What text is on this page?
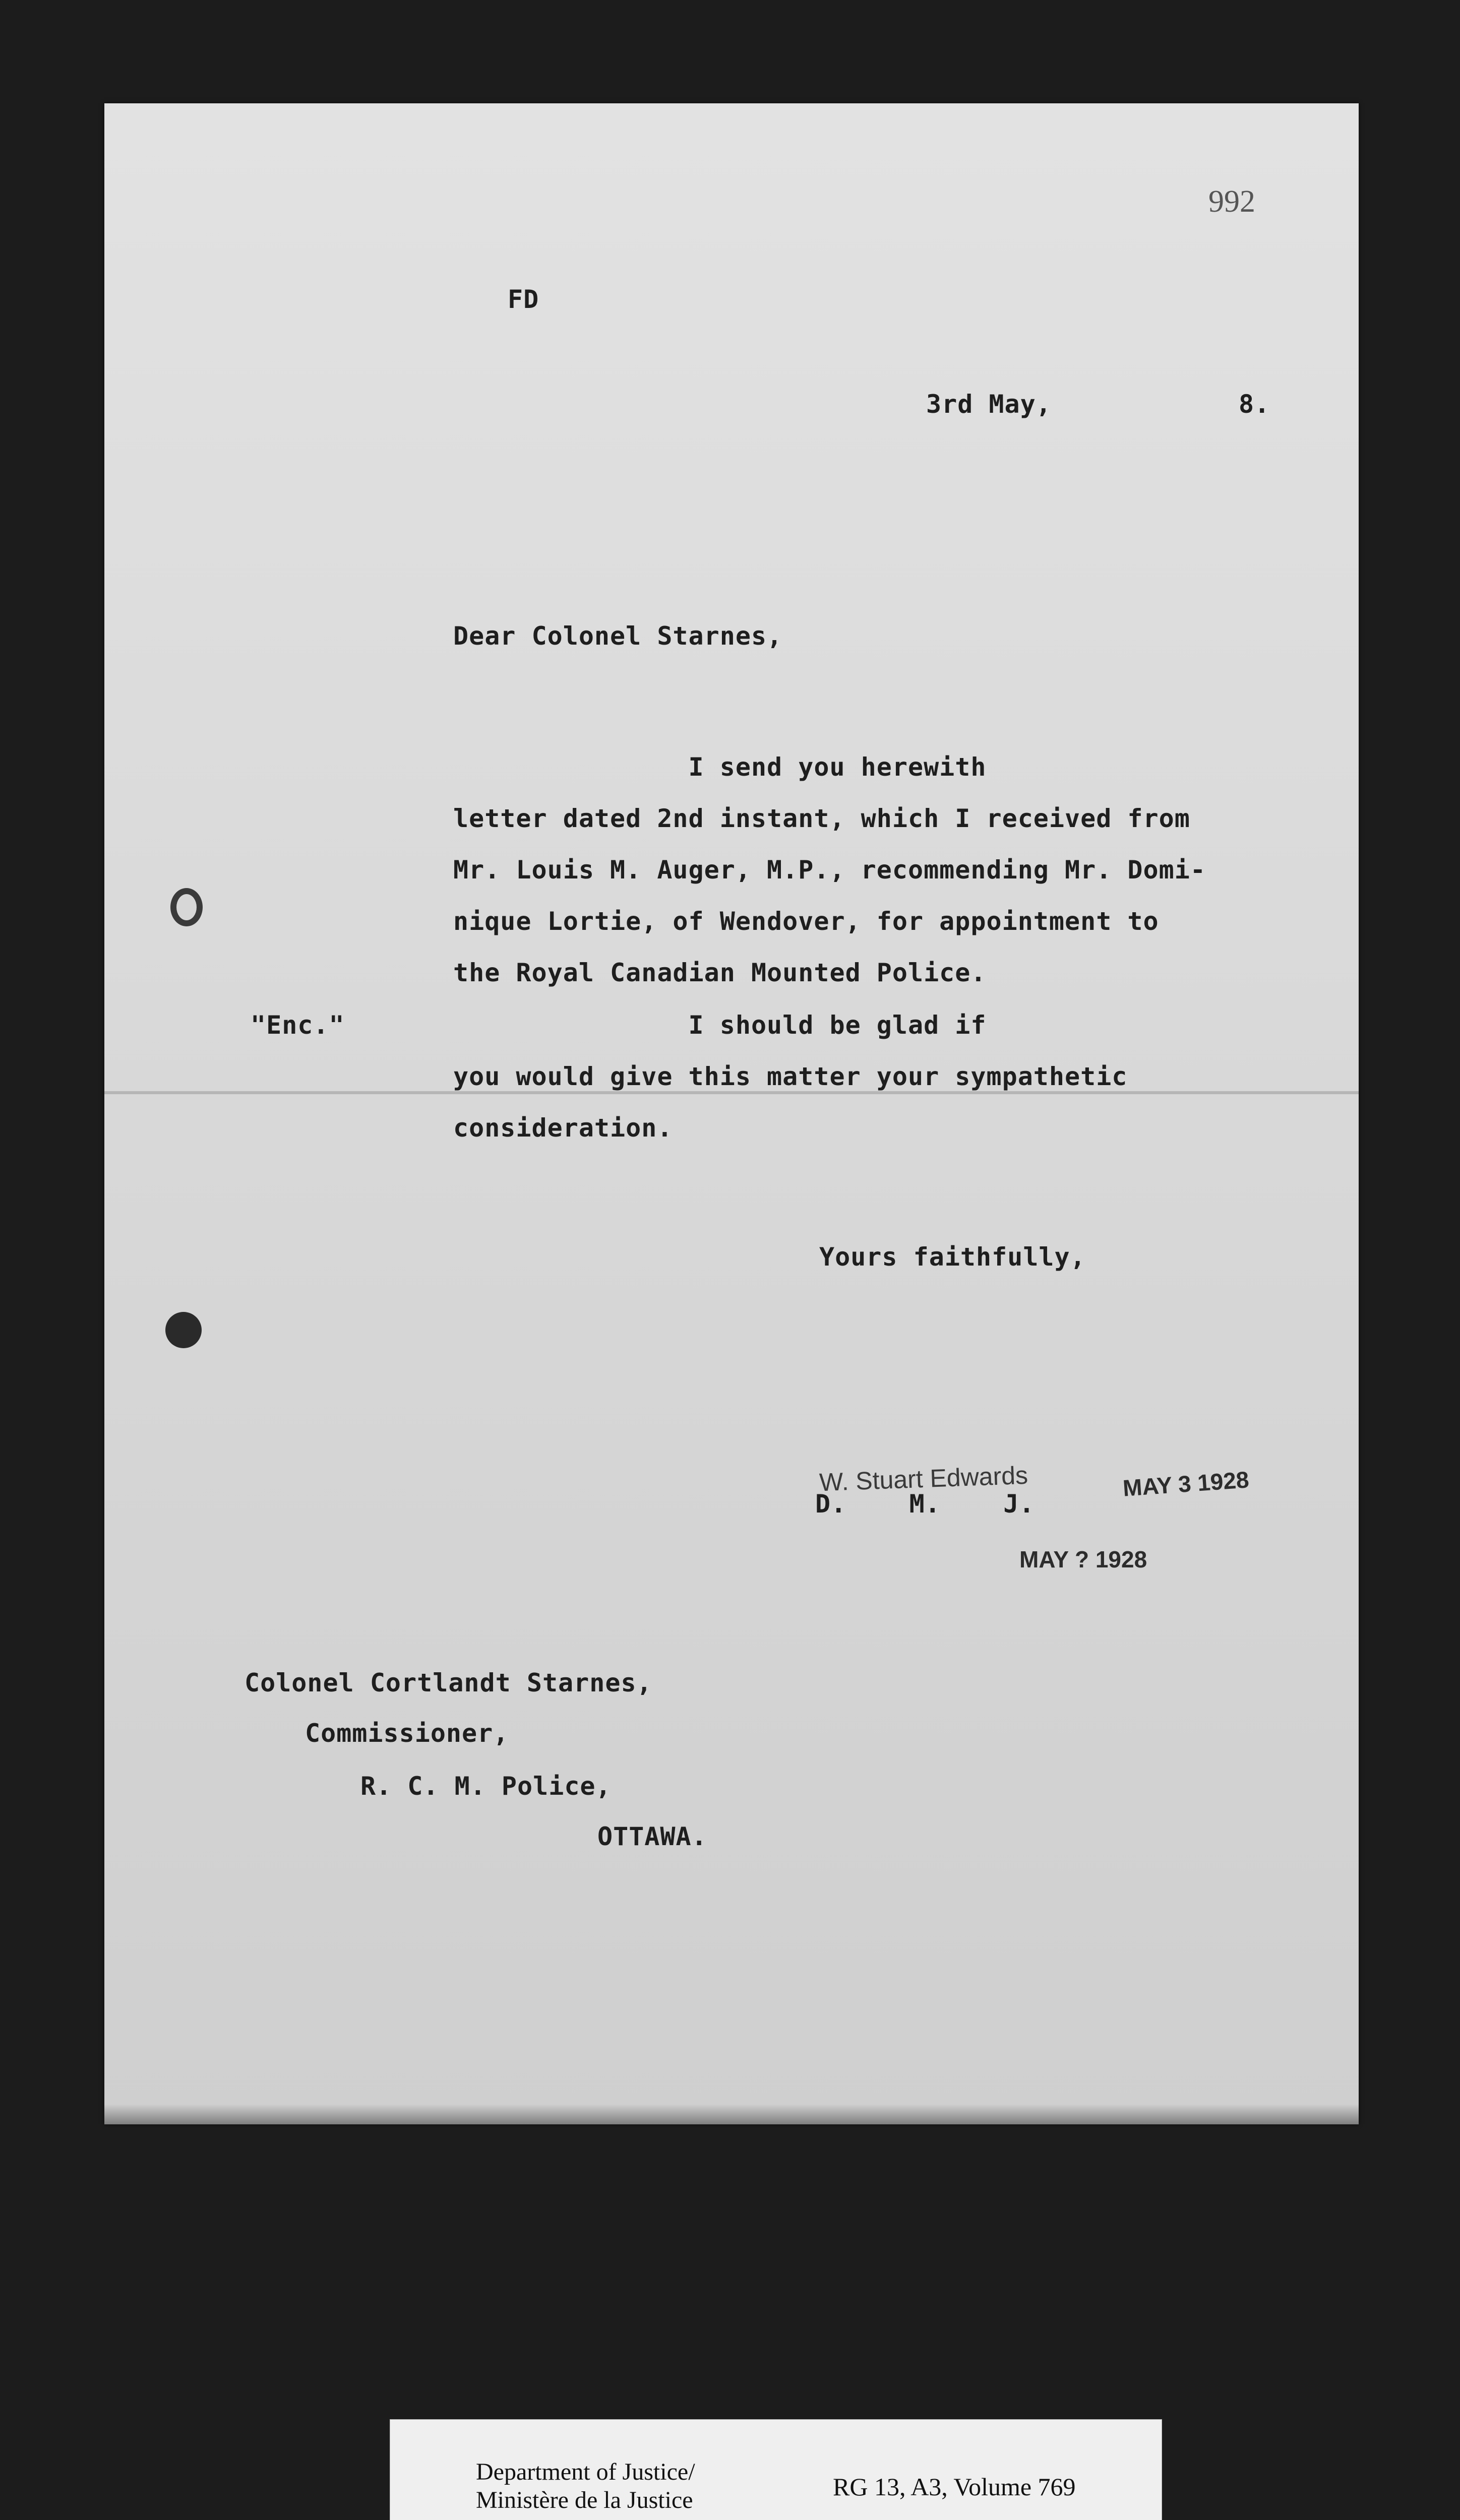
992
FD
3rd May,	8.
Dear Colonel Starnes,
I send you herewith
letter dated 2nd instant, which I received from
Mr. Louis M. Auger, M.P., recommending Mr. Domi-
nique Lortie, of Wendover, for appointment to
the Royal Canadian Mounted Police.
I should be glad if
you would give this matter your sympathetic
consideration.
"Enc."
Yours faithfully,
W. Stuart Edwards
D.    M.    J.
MAY 3 1928
MAY ? 1928
Colonel Cortlandt Starnes,
Commissioner,
R. C. M. Police,
OTTAWA.
Department of Justice/
Ministère de la Justice	RG 13, A3, Volume 769
